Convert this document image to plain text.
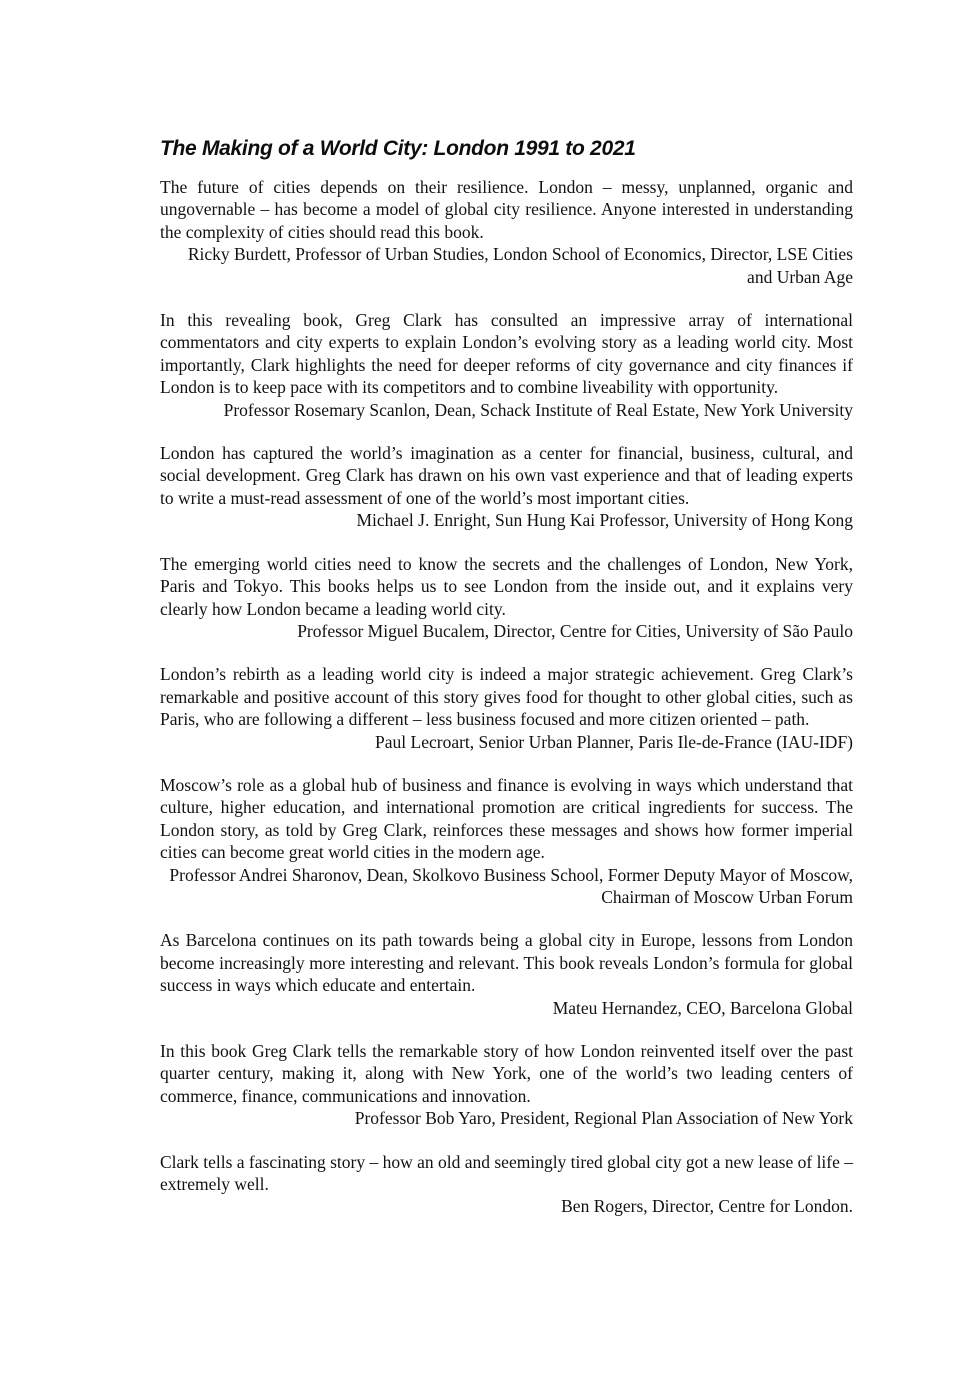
The Making of a World City: London 1991 to 2021

The future of cities depends on their resilience. London – messy, unplanned, organic and ungovernable – has become a model of global city resilience. Anyone interested in understanding the complexity of cities should read this book.

Ricky Burdett, Professor of Urban Studies, London School of Economics, Director, LSE Cities and Urban Age

In this revealing book, Greg Clark has consulted an impressive array of international commentators and city experts to explain London’s evolving story as a leading world city. Most importantly, Clark highlights the need for deeper reforms of city governance and city finances if London is to keep pace with its competitors and to combine liveability with opportunity.

Professor Rosemary Scanlon, Dean, Schack Institute of Real Estate, New York University

London has captured the world’s imagination as a center for financial, business, cultural, and social development. Greg Clark has drawn on his own vast experience and that of leading experts to write a must-read assessment of one of the world’s most important cities.

Michael J. Enright, Sun Hung Kai Professor, University of Hong Kong

The emerging world cities need to know the secrets and the challenges of London, New York, Paris and Tokyo. This books helps us to see London from the inside out, and it explains very clearly how London became a leading world city.

Professor Miguel Bucalem, Director, Centre for Cities, University of São Paulo

London’s rebirth as a leading world city is indeed a major strategic achievement. Greg Clark’s remarkable and positive account of this story gives food for thought to other global cities, such as Paris, who are following a different – less business focused and more citizen oriented – path.

Paul Lecroart, Senior Urban Planner, Paris Ile-de-France (IAU-IDF)

Moscow’s role as a global hub of business and finance is evolving in ways which understand that culture, higher education, and international promotion are critical ingredients for success. The London story, as told by Greg Clark, reinforces these messages and shows how former imperial cities can become great world cities in the modern age.

Professor Andrei Sharonov, Dean, Skolkovo Business School, Former Deputy Mayor of Moscow, Chairman of Moscow Urban Forum

As Barcelona continues on its path towards being a global city in Europe, lessons from London become increasingly more interesting and relevant. This book reveals London’s formula for global success in ways which educate and entertain.

Mateu Hernandez, CEO, Barcelona Global

In this book Greg Clark tells the remarkable story of how London reinvented itself over the past quarter century, making it, along with New York, one of the world’s two leading centers of commerce, finance, communications and innovation.

Professor Bob Yaro, President, Regional Plan Association of New York

Clark tells a fascinating story – how an old and seemingly tired global city got a new lease of life – extremely well.

Ben Rogers, Director, Centre for London.
